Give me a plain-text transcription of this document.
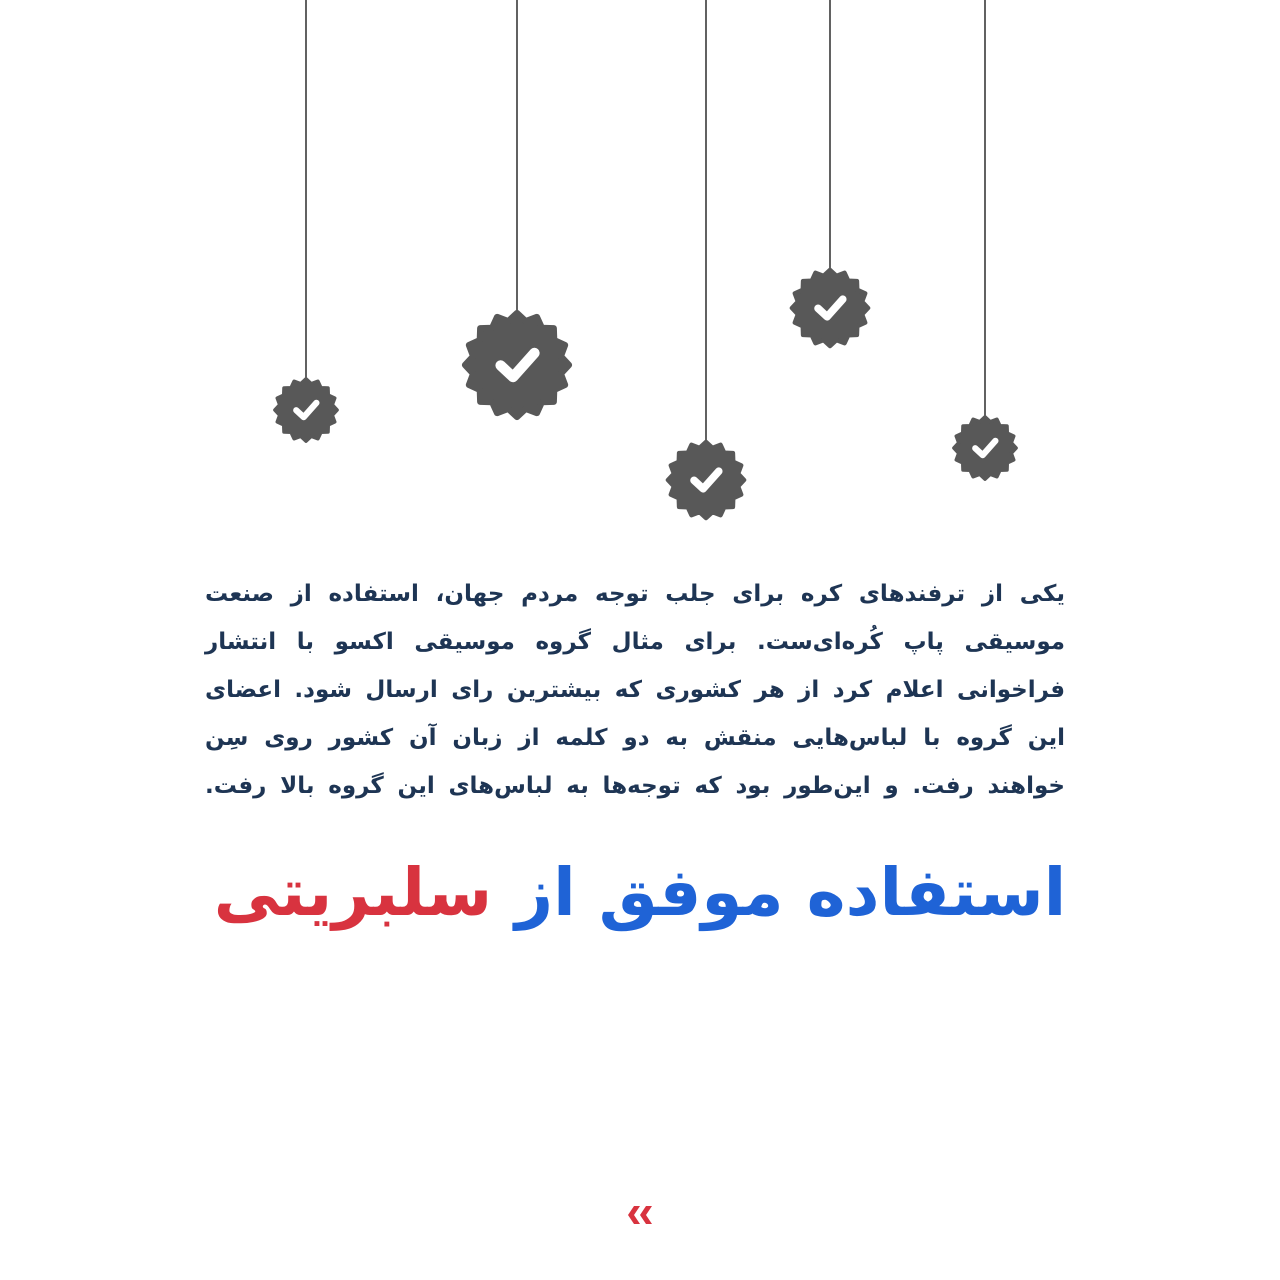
یکی از ترفندهای کره برای جلب توجه مردم جهان، استفاده از صنعت
موسیقی پاپ کُره‌ای‌ست. برای مثال گروه موسیقی اکسو با انتشار
فراخوانی اعلام کرد از هر کشوری که بیشترین رای ارسال شود. اعضای
این گروه با لباس‌هایی منقش به دو کلمه از زبان آن کشور روی سِن
خواهند رفت. و این‌طور بود که توجه‌ها به لباس‌های این گروه بالا رفت.
استفاده موفق از سلبریتی
